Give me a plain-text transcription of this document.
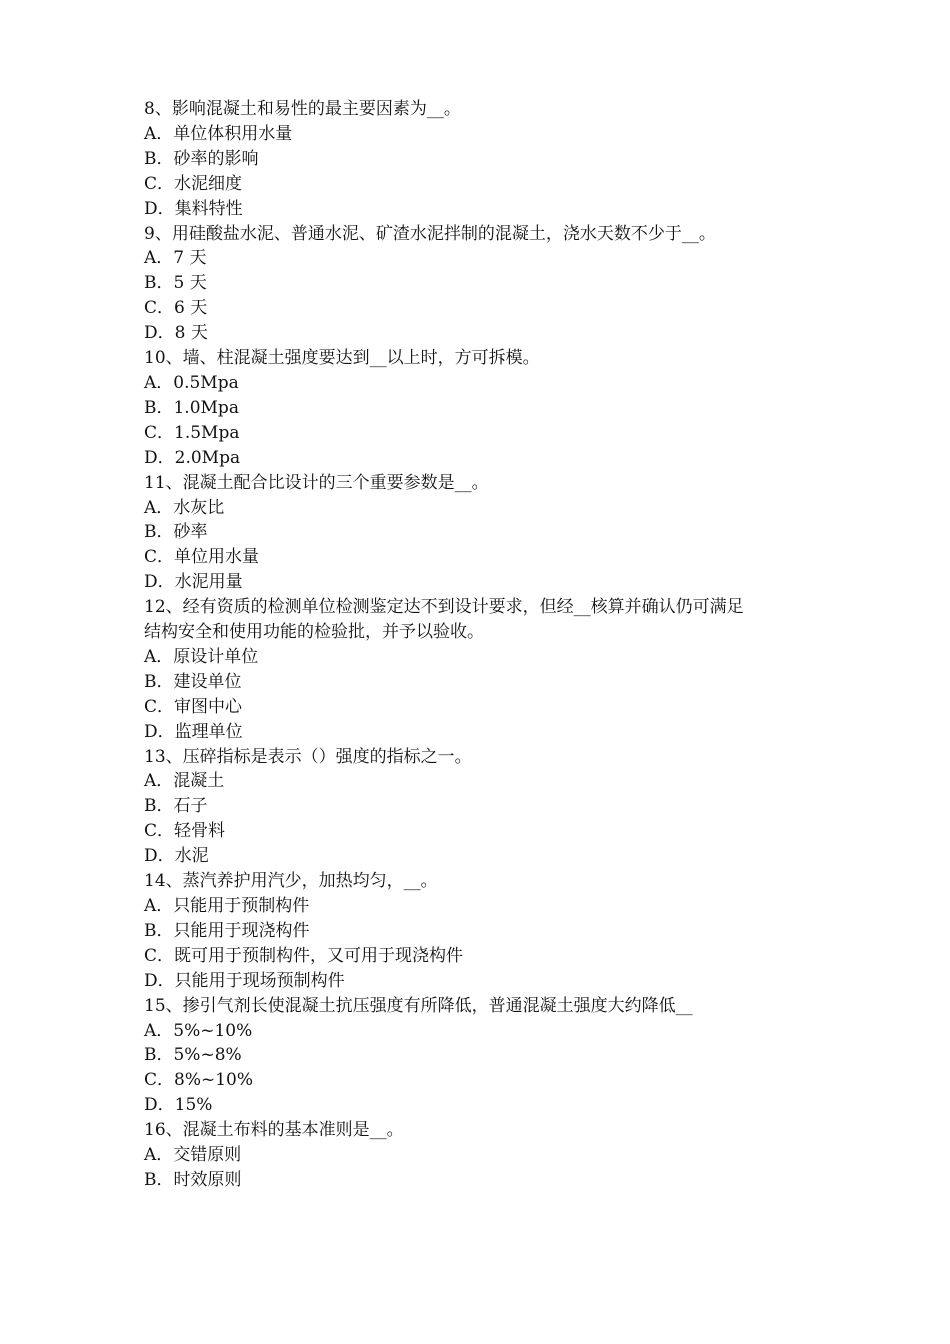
8、影响混凝土和易性的最主要因素为__。
A．单位体积用水量
B．砂率的影响
C．水泥细度
D．集料特性
9、用硅酸盐水泥、普通水泥、矿渣水泥拌制的混凝土，浇水天数不少于__。
A．7 天
B．5 天
C．6 天
D．8 天
10、墙、柱混凝土强度要达到__以上时，方可拆模。
A．0.5Mpa
B．1.0Mpa
C．1.5Mpa
D．2.0Mpa
11、混凝土配合比设计的三个重要参数是__。
A．水灰比
B．砂率
C．单位用水量
D．水泥用量
12、经有资质的检测单位检测鉴定达不到设计要求，但经__核算并确认仍可满足
结构安全和使用功能的检验批，并予以验收。
A．原设计单位
B．建设单位
C．审图中心
D．监理单位
13、压碎指标是表示（）强度的指标之一。
A．混凝土
B．石子
C．轻骨料
D．水泥
14、蒸汽养护用汽少，加热均匀，__。
A．只能用于预制构件
B．只能用于现浇构件
C．既可用于预制构件，又可用于现浇构件
D．只能用于现场预制构件
15、掺引气剂长使混凝土抗压强度有所降低，普通混凝土强度大约降低__
A．5%~10%
B．5%~8%
C．8%~10%
D．15%
16、混凝土布料的基本准则是__。
A．交错原则
B．时效原则
